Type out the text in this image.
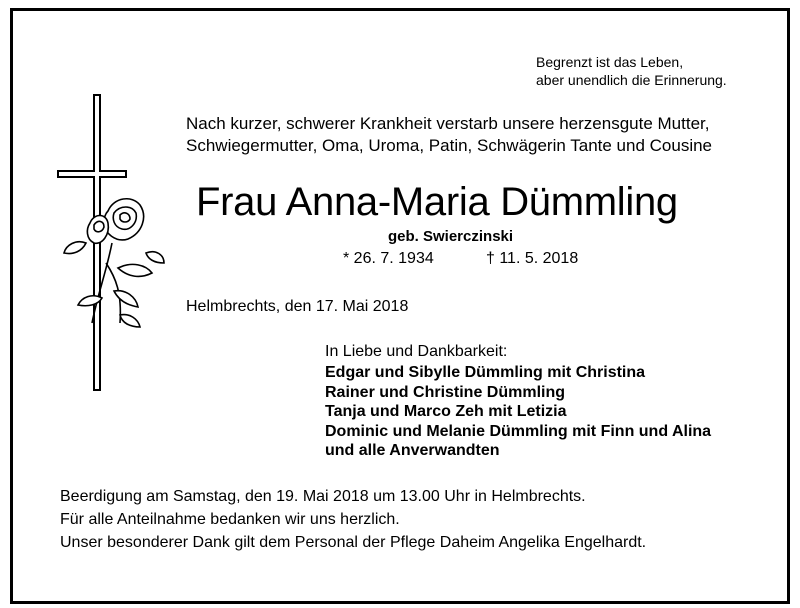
Begrenzt ist das Leben,
aber unendlich die Erinnerung.
Nach kurzer, schwerer Krankheit verstarb unsere herzensgute Mutter,
Schwiegermutter, Oma, Uroma, Patin, Schwägerin Tante und Cousine
Frau Anna-Maria Dümmling
geb. Swierczinski
* 26. 7. 1934	† 11. 5. 2018
Helmbrechts, den 17. Mai 2018
In Liebe und Dankbarkeit:
Edgar und Sibylle Dümmling mit Christina
Rainer und Christine Dümmling
Tanja und Marco Zeh mit Letizia
Dominic und Melanie Dümmling mit Finn und Alina
und alle Anverwandten
Beerdigung am Samstag, den 19. Mai 2018 um 13.00 Uhr in Helmbrechts.
Für alle Anteilnahme bedanken wir uns herzlich.
Unser besonderer Dank gilt dem Personal der Pflege Daheim Angelika Engelhardt.
